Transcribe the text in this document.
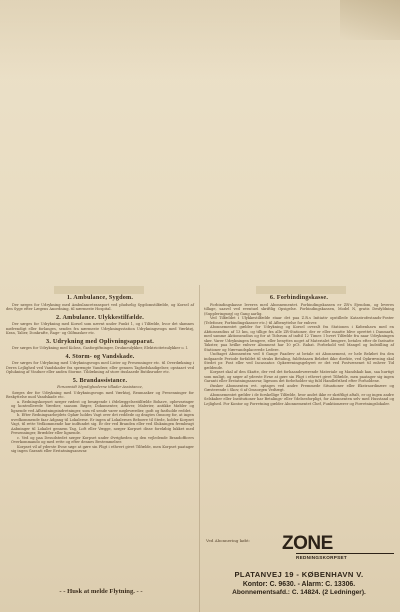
1. Ambulance, Sygdom.

Der sørges for Udrykning med Ambulancetransport ved pludselig Sygdomstilfælde, og Korsel af den Syge efter Lægens Anordning, til nærmeste Hospital.

2. Ambulance. Ulykkestilfælde.

Der sørges for Udrykning med Korsel som nævnt under Punkt 1, og i Tilfælde, hvor det skønnes nødvendigt eller forlanges, sendes fra nærmeste Udrykningsstation Udrykningsvogn med Værktøj, Kran, Talier, Donkrafte, Rage- og Gilfmasker etc.

3. Udrykning med Oplivningsapparat.

Der sørges for Udrykning med Koloss, Gasforgiftninger, Drukneulykker, Elektricitetsulykker o. l.

4. Storm- og Vandskade.

Der sørges for Udrykning med Udrykningsvogn med Lister og Presenninger etc. til Overdækning i Deres Lejlighed ved Vandskader fra sprængte Vandrør, eller genuen Taghedskadigelser, opstaaet ved Oplukning af Vinduer eller anden Storme. Tildækning af store ituslaaede Butiksruder etc.

5. Brandassistance.

Foruanvidt Myndighederne tillader Assistance,

Sørges der for Udrykning med Udrykningsvogn med Værktøj, Reumasker og Presenninger for Beskyttelse mod Vandskade etc.

a. Redningskorpset sørger rødest og besøgende i Ødelæggelsestilfælde Bohave, opbevaringer og kontrollerede Værdier, saasom Bøger, Dokumenter, Arkiver, Malerier, antikke Møbler og lignende ved Afhentningsindretninger, som vil sende varer nøgleværdier, godt og fastholde reddet.

b. Efter Redningsarbejdets Ophør holdes Vagt over det reddede og dragtes Omsorg for, at ingen uvedkommende faar Adgang til Lokalerne. Er ingen af Lokalernes Beboere til Stede, holder Korpset Vagt, til rette Vedkommende har indfundet sig. Er der ved Branden eller ved Slukningen frembragt Aabninger til Lokalet gennem Tag, Loft eller Vægge, sørger Korpset disse foreløbig lukket med Presenninger, Brædder eller lignende.

c. Ved og paa Desudstedet sørger Korpset under Øvrigheden og den vejledende Brandofficers Overkommando og med rette og efter dennes Bestemmelser.

Korpset vil af yderste Evne søge at gøre sin Pligt i ethvert givet Tilfælde, men Korpset paatager sig ingen Garanti eller Erstatningsansvar.

6. Forbindingskasse.

Forbindingskasse leveres med Abonnementet. Forbindingskassen er ZR's Ejendom, og leveres tillage, saavel ved eventuel skriftlig Opsigelse. Forbindingskassen, Model N, gratis Desfyldning (Suppleringsøg) og Gang aarlig.

Ved Tilfældet i Ulykkestilfælde staar det paa Z.R.s Initiativ opstillede Katastrofestands-Poster (Telefoner, Forbindingskasser etc.) til Afbenyttelse for enhver.

Abonnementet gælder for Udrykning og Korsel overalt fra Stationen i København med en Aktionsradius af 13 km, og tillige fra alle ZR-Stationer, der er eller maatte blive oprettet i Danmark, med samme Aktionsradius og for at Tidsrum af indtil 12 Timer. I hvert Tilfælde fra naar Udrykningen sker. Varer Udrykningen længere, eller benyttes noget af Materialet længere, betales efter de fastsatte Takster, paa hvilke enhver Abonnent har 10 pCt. Rabat. Forbehold ved Mangel og Indstilling af Stationer og Nærvandsplacerede Ledere.

Undtaget Abonnenten ved 8 Gange Paadrev at betale sit Abonnement, er hele Beløbet fra den indgaaede Periode forfaldet til straks Betaling, fuldtstaaen Beløbet ikke direkte, ved Opkrævning skal Stedet pr. Post eller ved Incassator. Opkrævningsgebyret er det ved Postvæsenet til enhver Tid gældende.

Korpset skal af den Skatte, der ved det forhaandeværende Materiale og Mandskab kan, saa hurtigt som muligt, og søger af yderste Evne at gøre sin Pligt i ethvert givet Tilfælde, men paatager sig ingen Garanti eller Erstatningsansvar, ligesom det forbeholder sig fuld Handlefrihed efter Forholdene.

Ønsker Abonnenten evt. optages ved andre Fremmede Situationer eller Ekstraordinære og Gæsterende i Skov, 6 af Omsorgen Vedtægt.

Abonnementet gælder i de forskellige Tilfælde, hvor andet ikke er skriftligt aftalt, er og ingen andre Selskaber eller Institutioner har Betalings- eller Ydelsesforpligt, for Abonnenten selv med Husstand og Lejlighed. For Kontor og Forretning gælder Abonnementet Chef, Funktionærer og Forretningslokaler.

- - Husk at melde Flytning. - -
Ved Abonnering købt: ZONE
REDNINGSKORPSET
PLATANVEJ 19 - KØBENHAVN V.
Kontor: C. 9630. - Alarm: C. 13306.
Abonnementsafd.: C. 14824. (2 Ledninger).
